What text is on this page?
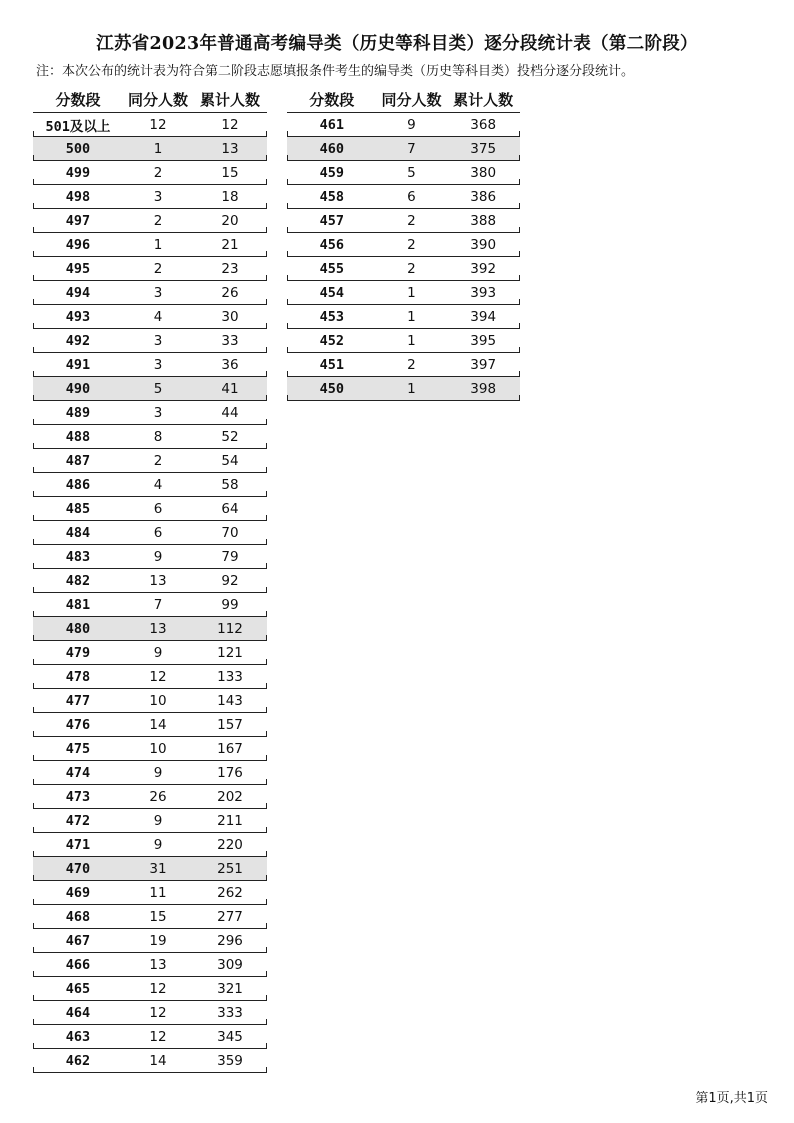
江苏省2023年普通高考编导类（历史等科目类）逐分段统计表（第二阶段）
注：本次公布的统计表为符合第二阶段志愿填报条件考生的编导类（历史等科目类）投档分逐分段统计。
分数段	同分人数 累计人数
501及以上	12	12
500	1	13
499	2	15
498	3	18
497	2	20
496	1	21
495	2	23
494	3	26
493	4	30
492	3	33
491	3	36
490	5	41
489	3	44
488	8	52
487	2	54
486	4	58
485	6	64
484	6	70
483	9	79
482	13	92
481	7	99
480	13	112
479	9	121
478	12	133
477	10	143
476	14	157
475	10	167
474	9	176
473	26	202
472	9	211
471	9	220
470	31	251
469	11	262
468	15	277
467	19	296
466	13	309
465	12	321
464	12	333
463	12	345
462	14	359
分数段	同分人数 累计人数
461	9	368
460	7	375
459	5	380
458	6	386
457	2	388
456	2	390
455	2	392
454	1	393
453	1	394
452	1	395
451	2	397
450	1	398
第1页,共1页
